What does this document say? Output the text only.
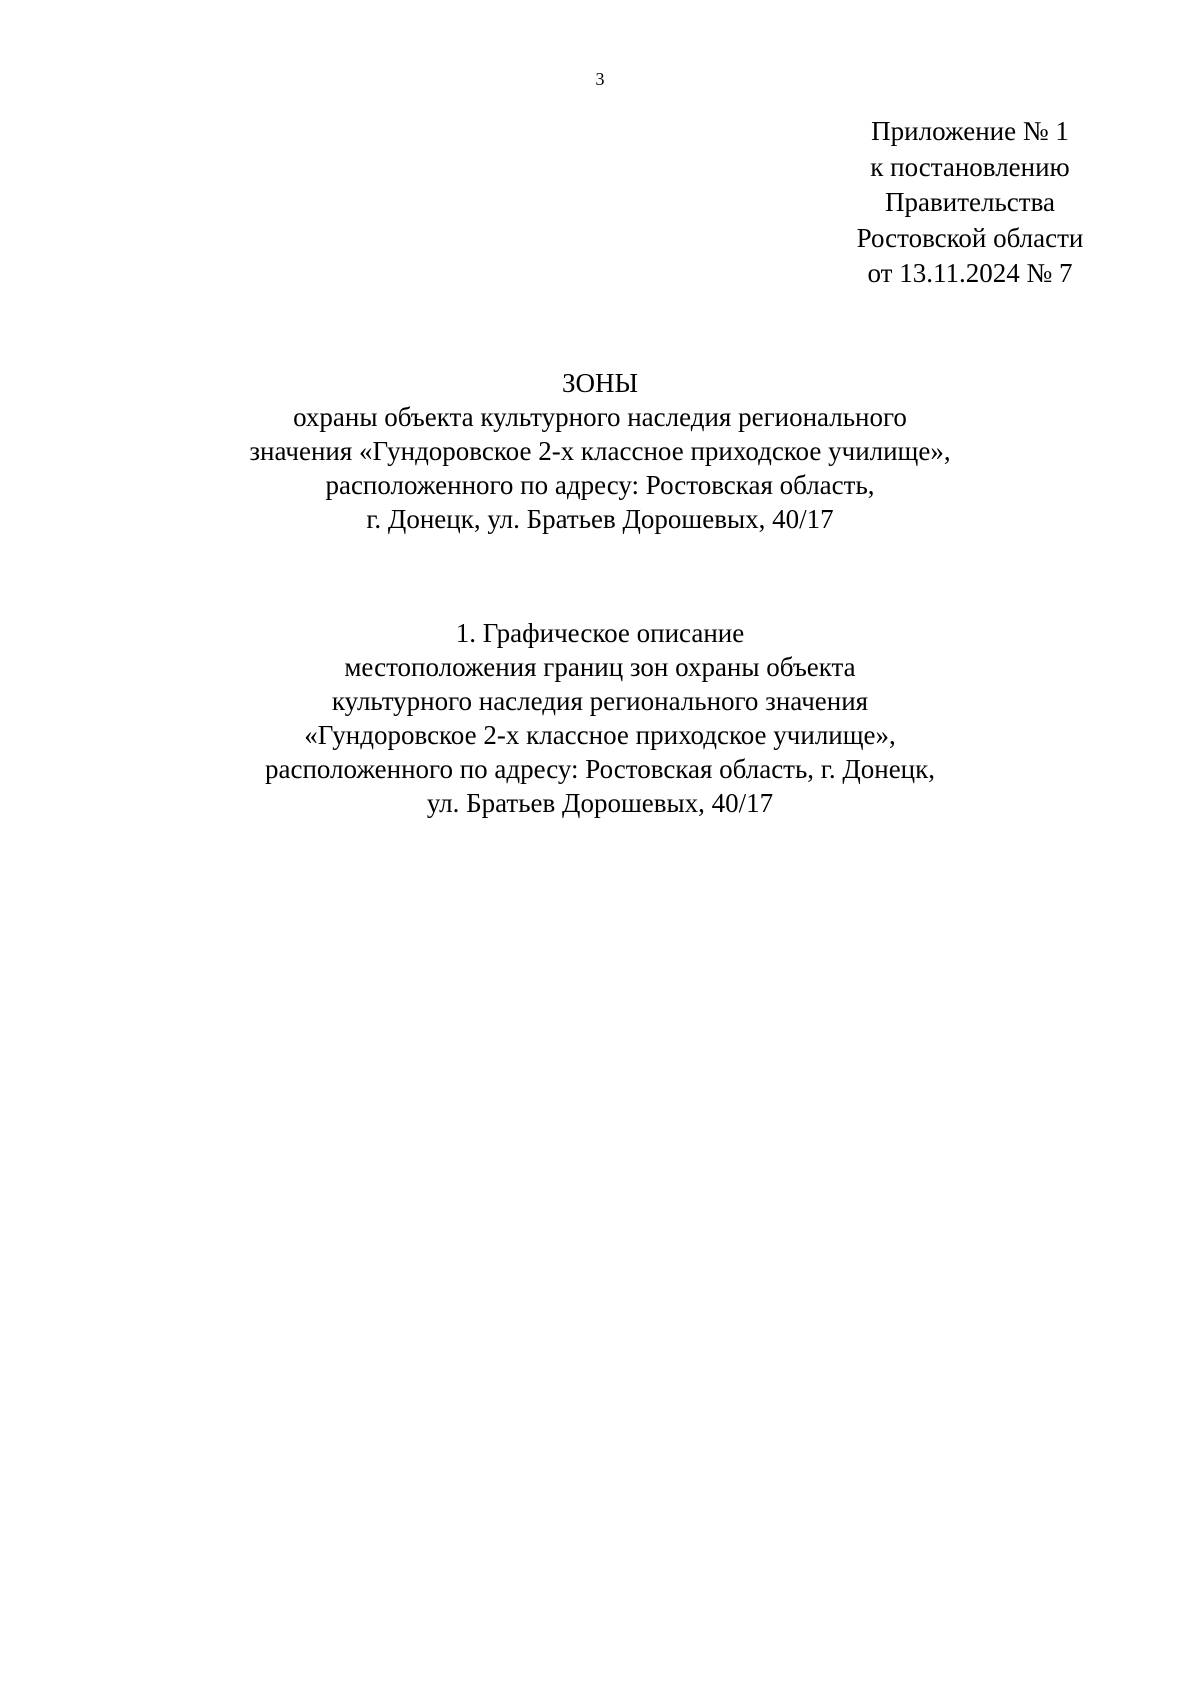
3
Приложение № 1
к постановлению
Правительства
Ростовской области
от 13.11.2024 № 7
ЗОНЫ
охраны объекта культурного наследия регионального
значения «Гундоровское 2-х классное приходское училище»,
расположенного по адресу: Ростовская область,
г. Донецк, ул. Братьев Дорошевых, 40/17
1. Графическое описание
местоположения границ зон охраны объекта
культурного наследия регионального значения
«Гундоровское 2-х классное приходское училище»,
расположенного по адресу: Ростовская область, г. Донецк,
ул. Братьев Дорошевых, 40/17
